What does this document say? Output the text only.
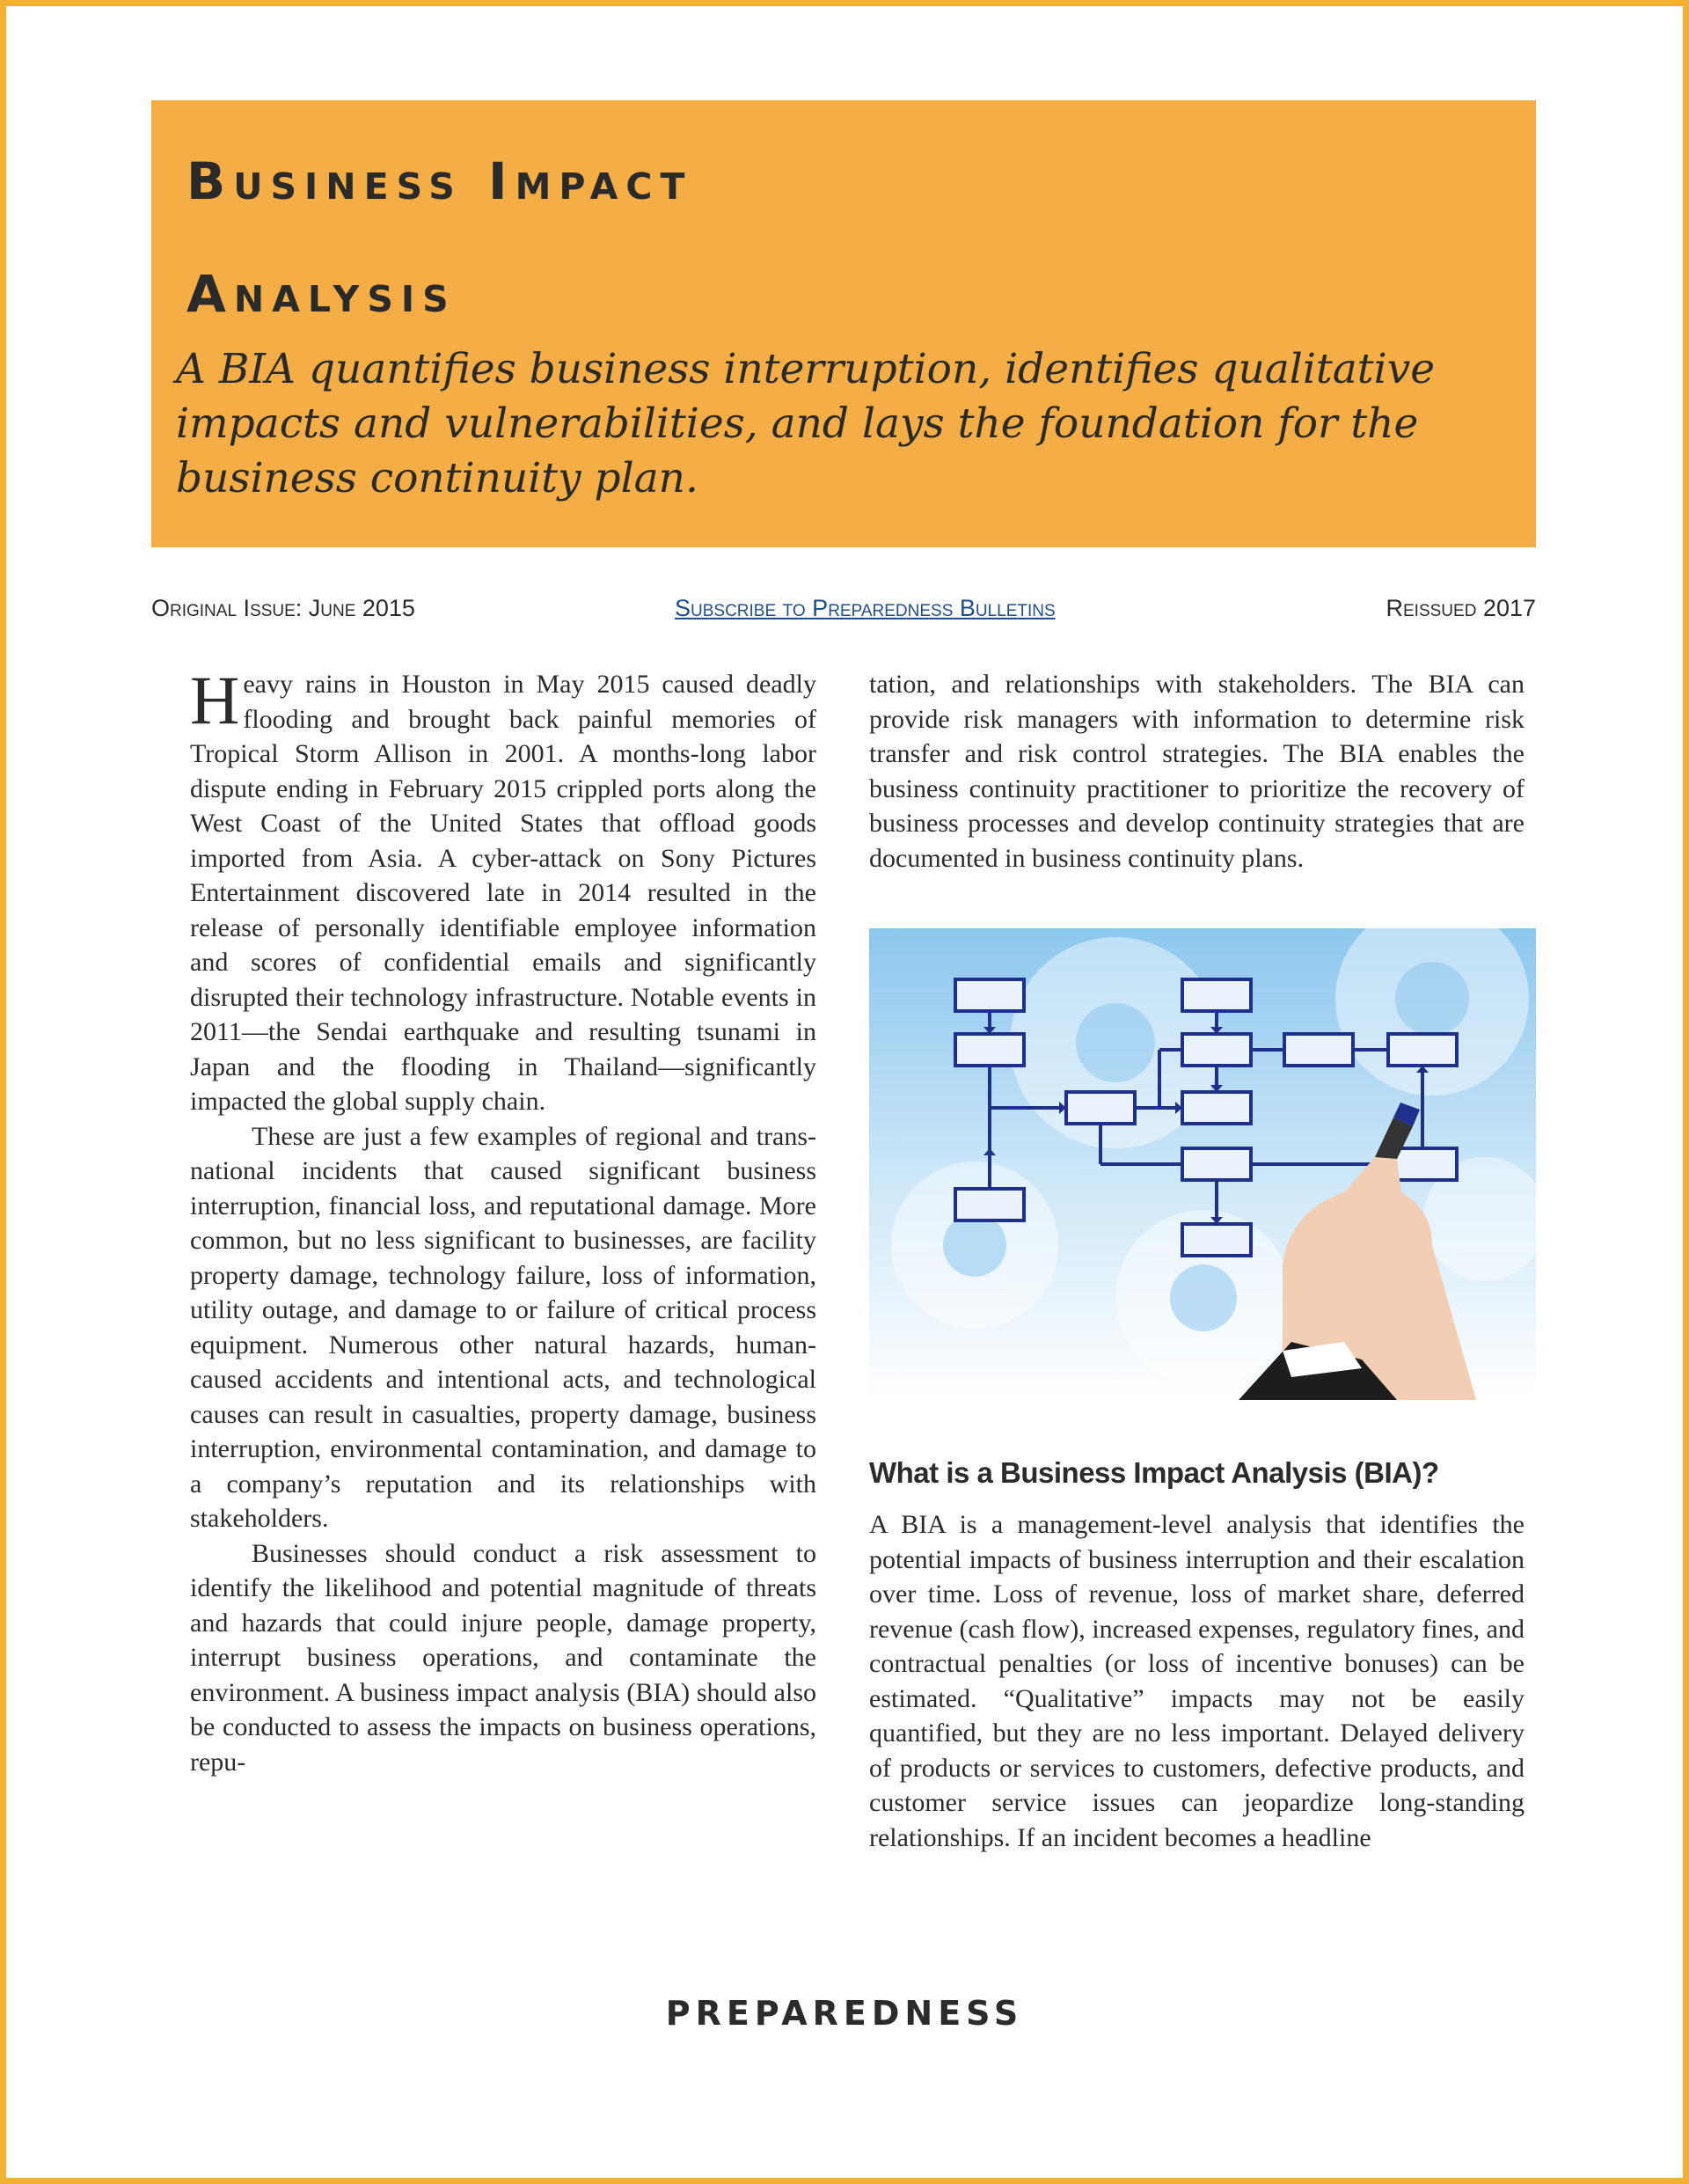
Business Impact
Analysis

A BIA quantifies business interruption, identifies qualitative impacts and vulnerabilities, and lays the foundation for the business continuity plan.

Original Issue: June 2015	Subscribe to Preparedness Bulletins	Reissued 2017

Heavy rains in Houston in May 2015 caused deadly flooding and brought back painful memories of Tropical Storm Allison in 2001. A months-long labor dispute ending in February 2015 crippled ports along the West Coast of the United States that offload goods imported from Asia. A cyber-attack on Sony Pictures Entertainment discovered late in 2014 resulted in the release of personally identifiable employee information and scores of confidential emails and significantly disrupted their technology infrastructure. Notable events in 2011—the Sendai earthquake and resulting tsunami in Japan and the flooding in Thailand—significantly impacted the global supply chain.

These are just a few examples of regional and trans-national incidents that caused significant business interruption, financial loss, and reputational damage. More common, but no less significant to businesses, are facility property damage, technology failure, loss of information, utility outage, and damage to or failure of critical process equipment. Numerous other natural hazards, human-caused accidents and intentional acts, and technological causes can result in casualties, property damage, business interruption, environmental contamination, and damage to a company’s reputation and its relationships with stakeholders.

Businesses should conduct a risk assessment to identify the likelihood and potential magnitude of threats and hazards that could injure people, damage property, interrupt business operations, and contaminate the environment. A business impact analysis (BIA) should also be conducted to assess the impacts on business operations, repu-

tation, and relationships with stakeholders. The BIA can provide risk managers with information to determine risk transfer and risk control strategies. The BIA enables the business continuity practitioner to prioritize the recovery of business processes and develop continuity strategies that are documented in business continuity plans.

What is a Business Impact Analysis (BIA)?

A BIA is a management-level analysis that identifies the potential impacts of business interruption and their escalation over time. Loss of revenue, loss of market share, deferred revenue (cash flow), increased expenses, regulatory fines, and contractual penalties (or loss of incentive bonuses) can be estimated. “Qualitative” impacts may not be easily quantified, but they are no less important. Delayed delivery of products or services to customers, defective products, and customer service issues can jeopardize long-standing relationships. If an incident becomes a headline

PREPAREDNESS
